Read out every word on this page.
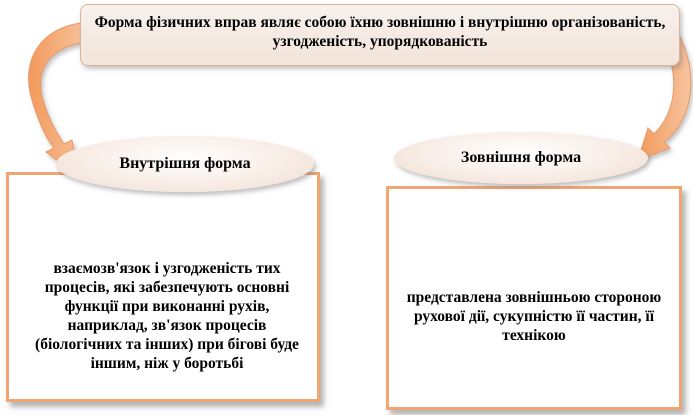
Форма фізичних вправ являє собою їхню зовнішню і внутрішню організованість, узгодженість, упорядкованість
взаємозв'язок і узгодженість тих процесів, які забезпечують основні функції при виконанні рухів, наприклад, зв'язок процесів (біологічних та інших) при бігові буде іншим, ніж у боротьбі
представлена зовнішньою стороною рухової дії, сукупністю її частин, її технікою
Внутрішня форма	Зовнішня форма
